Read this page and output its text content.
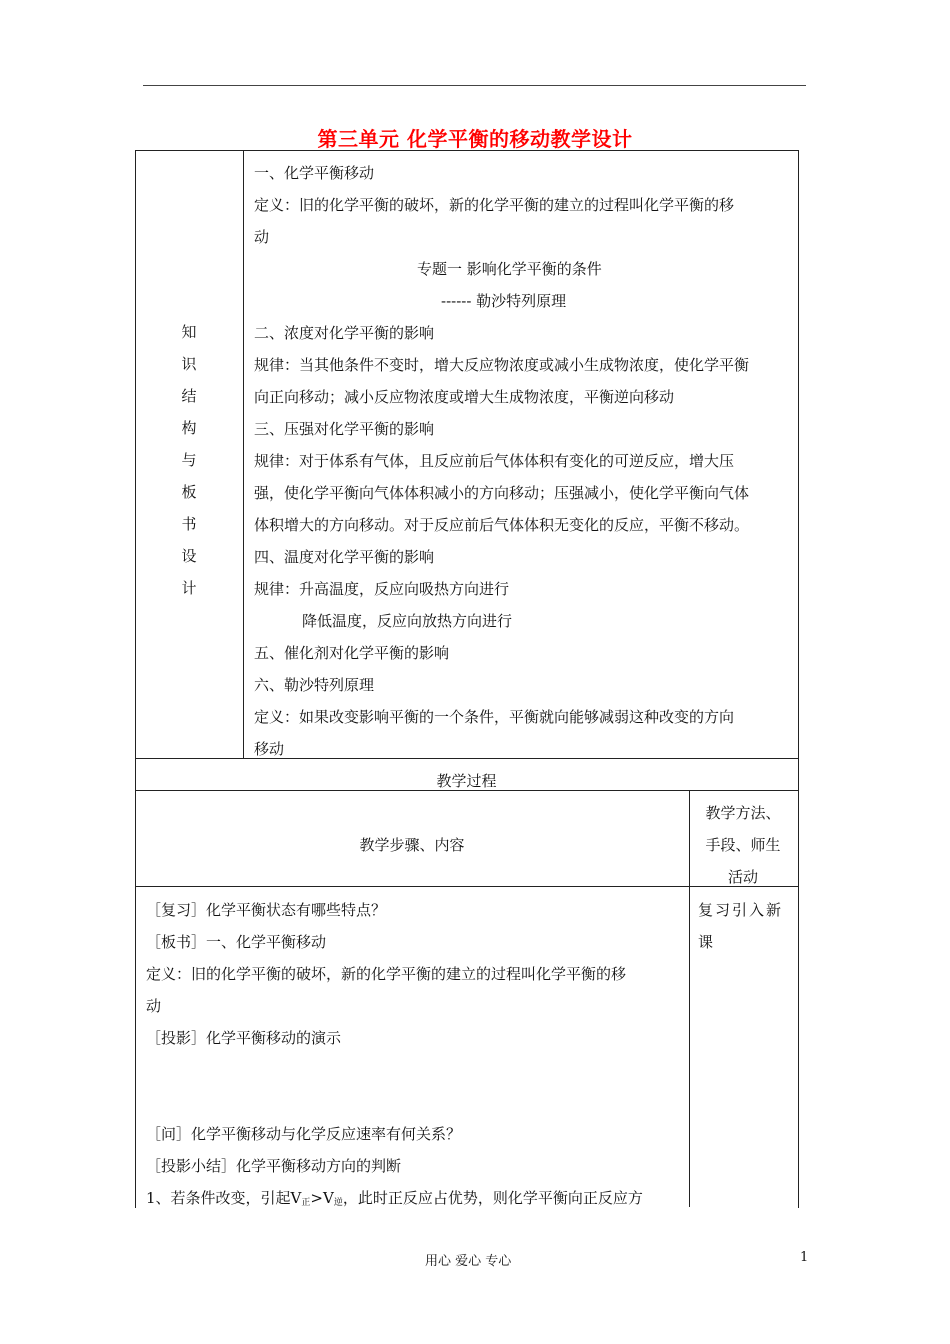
第三单元 化学平衡的移动教学设计
知
识
结
构
与
板
书
设
计
一、化学平衡移动
定义：旧的化学平衡的破坏，新的化学平衡的建立的过程叫化学平衡的移
动
专题一 影响化学平衡的条件
------ 勒沙特列原理
二、浓度对化学平衡的影响
规律：当其他条件不变时，增大反应物浓度或减小生成物浓度，使化学平衡
向正向移动；减小反应物浓度或增大生成物浓度，平衡逆向移动
三、压强对化学平衡的影响
规律：对于体系有气体，且反应前后气体体积有变化的可逆反应，增大压
强，使化学平衡向气体体积减小的方向移动；压强减小，使化学平衡向气体
体积增大的方向移动。对于反应前后气体体积无变化的反应，平衡不移动。
四、温度对化学平衡的影响
规律：升高温度，反应向吸热方向进行
降低温度，反应向放热方向进行
五、催化剂对化学平衡的影响
六、勒沙特列原理
定义：如果改变影响平衡的一个条件，平衡就向能够减弱这种改变的方向
移动
教学过程
教学步骤、内容
教学方法、
手段、师生
活动
［复习］化学平衡状态有哪些特点？
［板书］一、化学平衡移动
定义：旧的化学平衡的破坏，新的化学平衡的建立的过程叫化学平衡的移
动
［投影］化学平衡移动的演示
［问］化学平衡移动与化学反应速率有何关系？
［投影小结］化学平衡移动方向的判断
1、若条件改变，引起$V_正>V_逆$，此时正反应占优势，则化学平衡向正反应方
复习引入新
课
用心 爱心 专心	1
